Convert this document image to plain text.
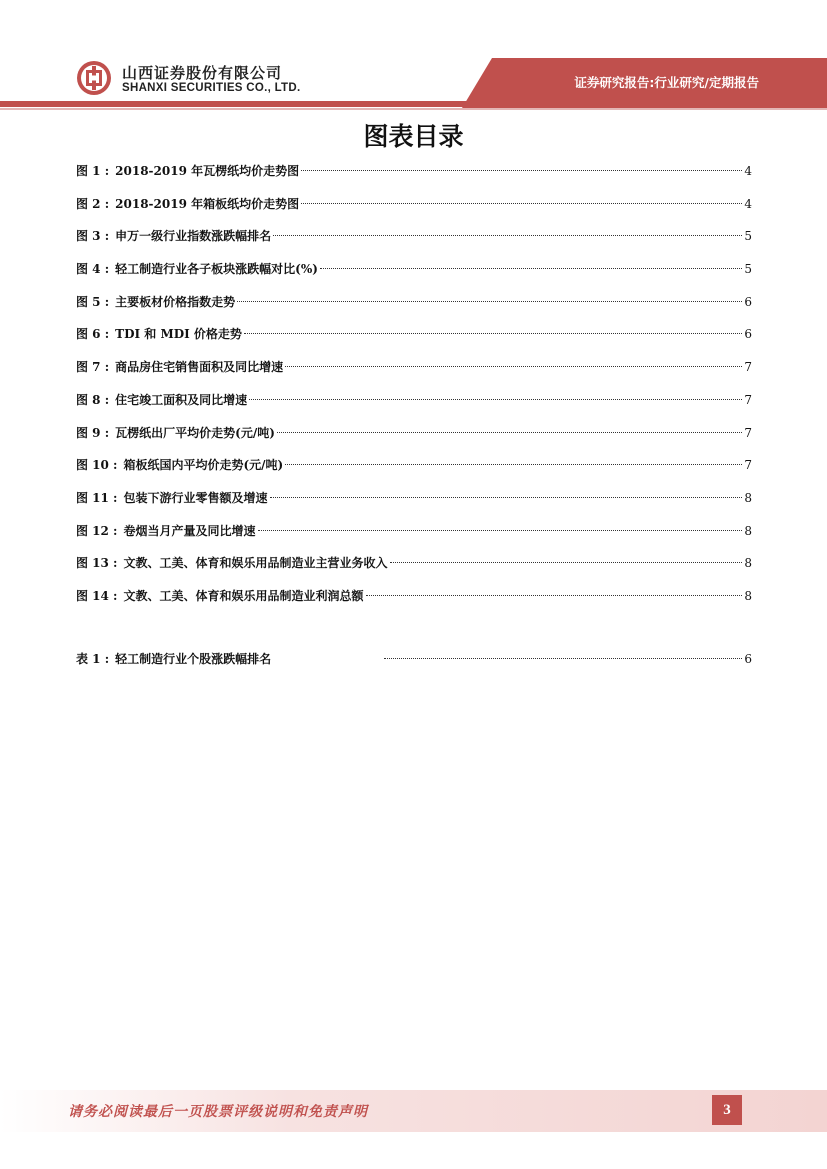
山西证券股份有限公司
SHANXI SECURITIES CO., LTD.	证券研究报告:行业研究/定期报告
图表目录
图 1 : 2018-2019 年瓦楞纸均价走势图	4
图 2 : 2018-2019 年箱板纸均价走势图	4
图 3 : 申万一级行业指数涨跌幅排名	5
图 4 : 轻工制造行业各子板块涨跌幅对比(%)	5
图 5 : 主要板材价格指数走势	6
图 6 : TDI 和 MDI 价格走势	6
图 7 : 商品房住宅销售面积及同比增速	7
图 8 : 住宅竣工面积及同比增速	7
图 9 : 瓦楞纸出厂平均价走势(元/吨)	7
图 10 : 箱板纸国内平均价走势(元/吨)	7
图 11 : 包装下游行业零售额及增速	8
图 12 : 卷烟当月产量及同比增速	8
图 13 : 文教、工美、体育和娱乐用品制造业主营业务收入	8
图 14 : 文教、工美、体育和娱乐用品制造业利润总额	8
表 1 : 轻工制造行业个股涨跌幅排名	6
请务必阅读最后一页股票评级说明和免责声明	3
